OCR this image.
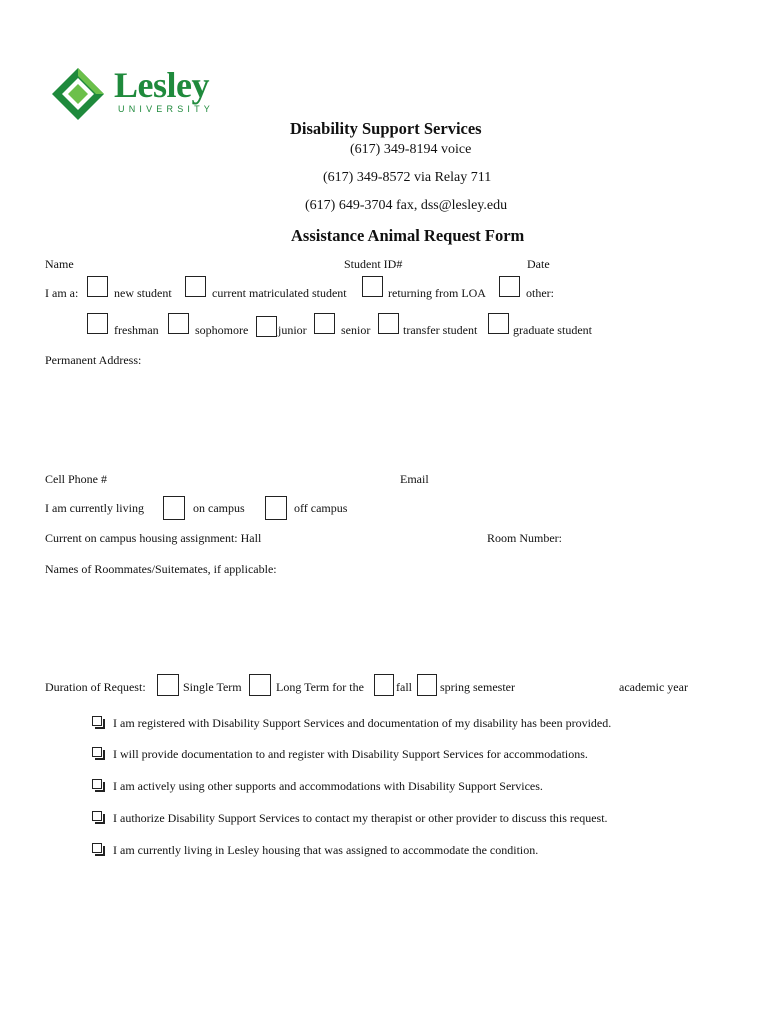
Lesley
UNIVERSITY
Disability Support Services
(617) 349-8194 voice
(617) 349-8572 via Relay 711
(617) 649-3704 fax, dss@lesley.edu
Assistance Animal Request Form
Name	Student ID#	Date
I am a:	new student	current matriculated student	returning from LOA	other:
freshman	sophomore junior	senior	transfer student	graduate student
Permanent Address:
Cell Phone #	Email
I am currently living	on campus	off campus
Current on campus housing assignment: Hall	Room Number:
Names of Roommates/Suitemates, if applicable:
Duration of Request:	Single Term	Long Term for the	fall spring semester	academic year
I am registered with Disability Support Services and documentation of my disability has been provided.
I will provide documentation to and register with Disability Support Services for accommodations.
I am actively using other supports and accommodations with Disability Support Services.
I authorize Disability Support Services to contact my therapist or other provider to discuss this request.
I am currently living in Lesley housing that was assigned to accommodate the condition.
